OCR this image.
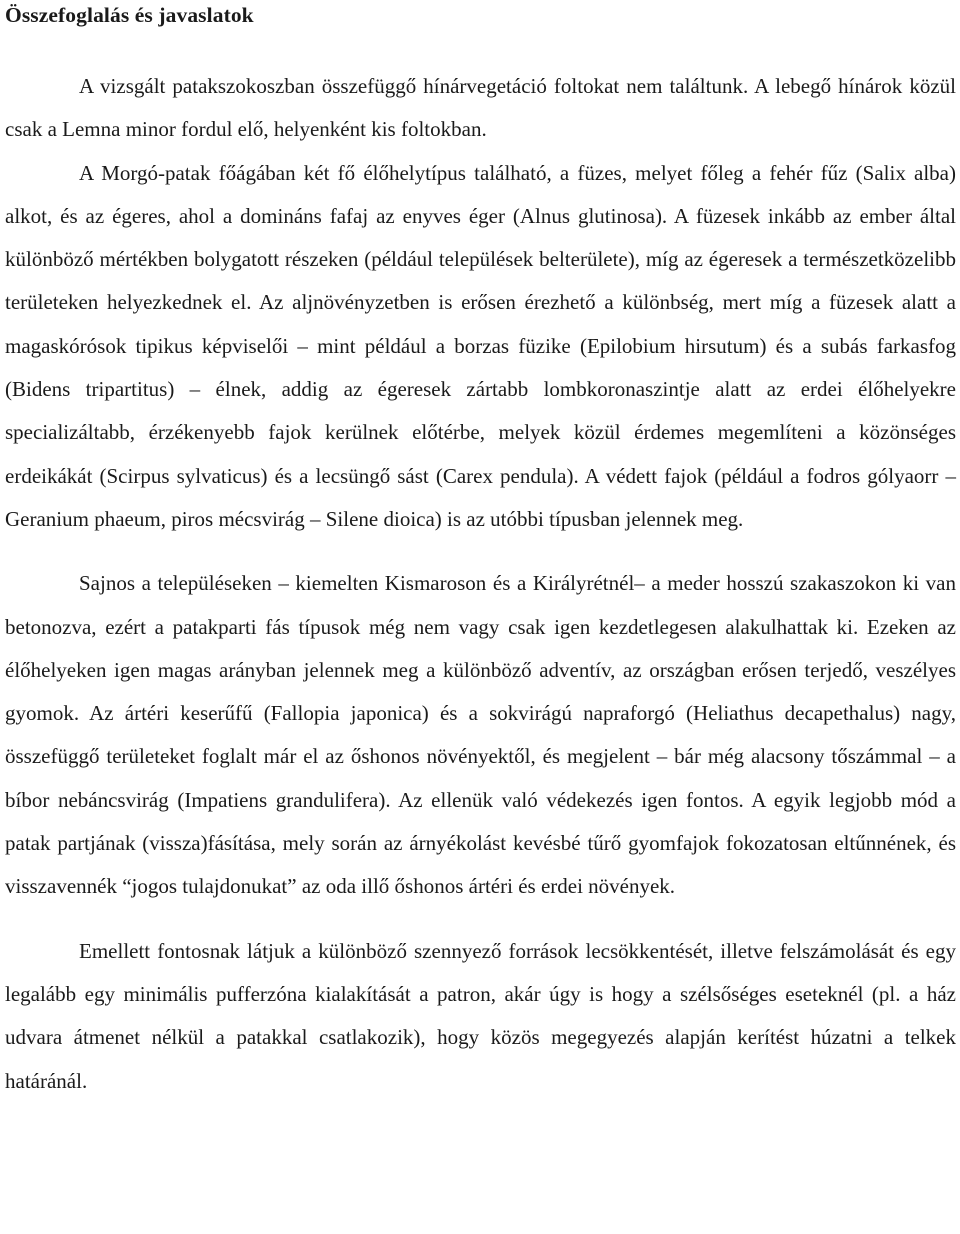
Összefoglalás és javaslatok

A vizsgált patakszokoszban összefüggő hínárvegetáció foltokat nem találtunk. A lebegő hínárok közül csak a Lemna minor fordul elő, helyenként kis foltokban.

A Morgó-patak főágában két fő élőhelytípus található, a füzes, melyet főleg a fehér fűz (Salix alba) alkot, és az égeres, ahol a domináns fafaj az enyves éger (Alnus glutinosa). A füzesek inkább az ember által különböző mértékben bolygatott részeken (például települések belterülete), míg az égeresek a természetközelibb területeken helyezkednek el. Az aljnövényzetben is erősen érezhető a különbség, mert míg a füzesek alatt a magaskórósok tipikus képviselői – mint például a borzas füzike (Epilobium hirsutum) és a subás farkasfog (Bidens tripartitus) – élnek, addig az égeresek zártabb lombkoronaszintje alatt az erdei élőhelyekre specializáltabb, érzékenyebb fajok kerülnek előtérbe, melyek közül érdemes megemlíteni a közönséges erdeikákát (Scirpus sylvaticus) és a lecsüngő sást (Carex pendula). A védett fajok (például a fodros gólyaorr – Geranium phaeum, piros mécsvirág – Silene dioica) is az utóbbi típusban jelennek meg.

Sajnos a településeken – kiemelten Kismaroson és a Királyrétnél– a meder hosszú szakaszokon ki van betonozva, ezért a patakparti fás típusok még nem vagy csak igen kezdetlegesen alakulhattak ki. Ezeken az élőhelyeken igen magas arányban jelennek meg a különböző adventív, az országban erősen terjedő, veszélyes gyomok. Az ártéri keserűfű (Fallopia japonica) és a sokvirágú napraforgó (Heliathus decapethalus) nagy, összefüggő területeket foglalt már el az őshonos növényektől, és megjelent – bár még alacsony tőszámmal – a bíbor nebáncsvirág (Impatiens grandulifera). Az ellenük való védekezés igen fontos. A egyik legjobb mód a patak partjának (vissza)fásítása, mely során az árnyékolást kevésbé tűrő gyomfajok fokozatosan eltűnnének, és visszavennék “jogos tulajdonukat” az oda illő őshonos ártéri és erdei növények.

Emellett fontosnak látjuk a különböző szennyező források lecsökkentését, illetve felszámolását és egy legalább egy minimális pufferzóna kialakítását a patron, akár úgy is hogy a szélsőséges eseteknél (pl. a ház udvara átmenet nélkül a patakkal csatlakozik), hogy közös megegyezés alapján kerítést húzatni a telkek határánál.
